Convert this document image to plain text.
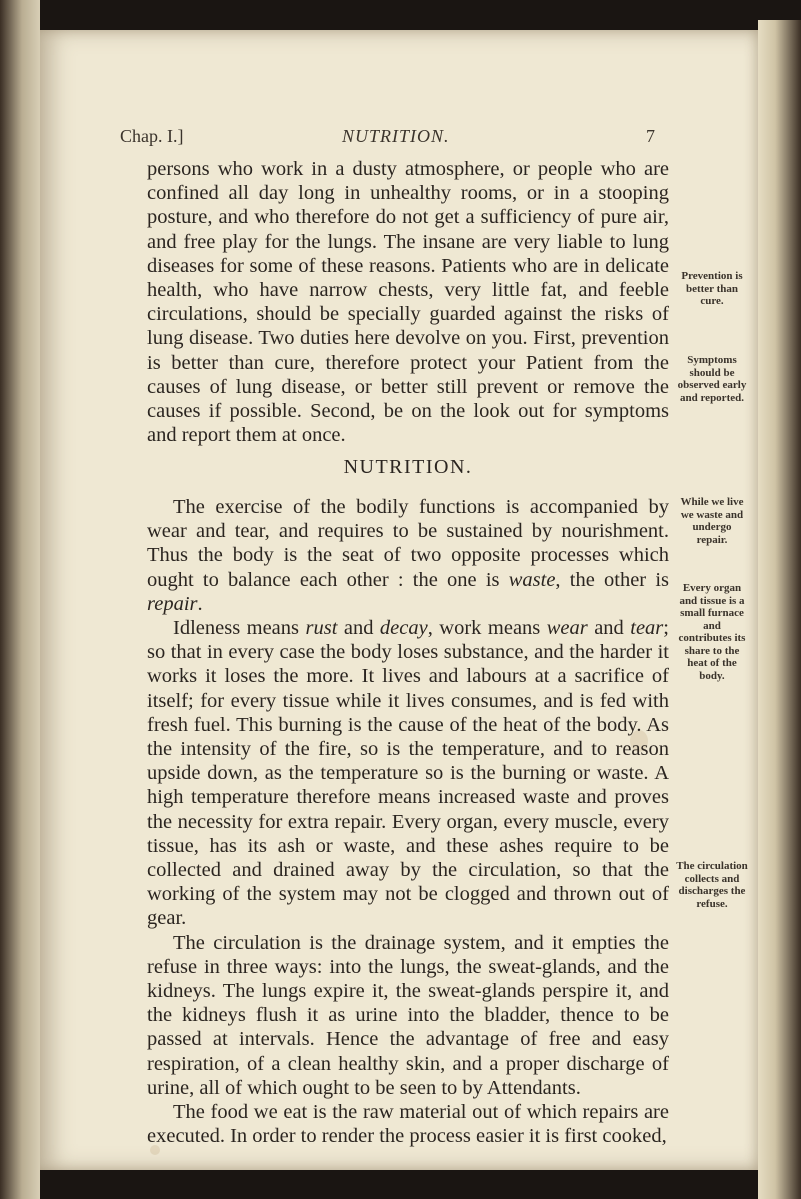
Chap. I.]	NUTRITION.	7

persons who work in a dusty atmosphere, or people who are confined all day long in unhealthy rooms, or in a stooping posture, and who therefore do not get a sufficiency of pure air, and free play for the lungs. The insane are very liable to lung diseases for some of these reasons. Patients who are in delicate health, who have narrow chests, very little fat, and feeble circulations, should be specially guarded against the risks of lung disease. Two duties here devolve on you. First, prevention is better than cure, therefore protect your Patient from the causes of lung disease, or better still prevent or remove the causes if possible. Second, be on the look out for symptoms and report them at once.

NUTRITION.

The exercise of the bodily functions is accompanied by wear and tear, and requires to be sustained by nourishment. Thus the body is the seat of two opposite processes which ought to balance each other : the one is waste, the other is repair.

Idleness means rust and decay, work means wear and tear; so that in every case the body loses substance, and the harder it works it loses the more. It lives and labours at a sacrifice of itself; for every tissue while it lives consumes, and is fed with fresh fuel. This burning is the cause of the heat of the body. As the intensity of the fire, so is the temperature, and to reason upside down, as the temperature so is the burning or waste. A high temperature therefore means increased waste and proves the necessity for extra repair. Every organ, every muscle, every tissue, has its ash or waste, and these ashes require to be collected and drained away by the circulation, so that the working of the system may not be clogged and thrown out of gear.

The circulation is the drainage system, and it empties the refuse in three ways: into the lungs, the sweat-glands, and the kidneys. The lungs expire it, the sweat-glands perspire it, and the kidneys flush it as urine into the bladder, thence to be passed at intervals. Hence the advantage of free and easy respiration, of a clean healthy skin, and a proper discharge of urine, all of which ought to be seen to by Attendants.

The food we eat is the raw material out of which repairs are executed. In order to render the process easier it is first cooked,

Prevention is better than cure.
Symptoms should be observed early and reported.
While we live we waste and undergo repair.
Every organ and tissue is a small furnace and contributes its share to the heat of the body.
The circulation collects and discharges the refuse.
